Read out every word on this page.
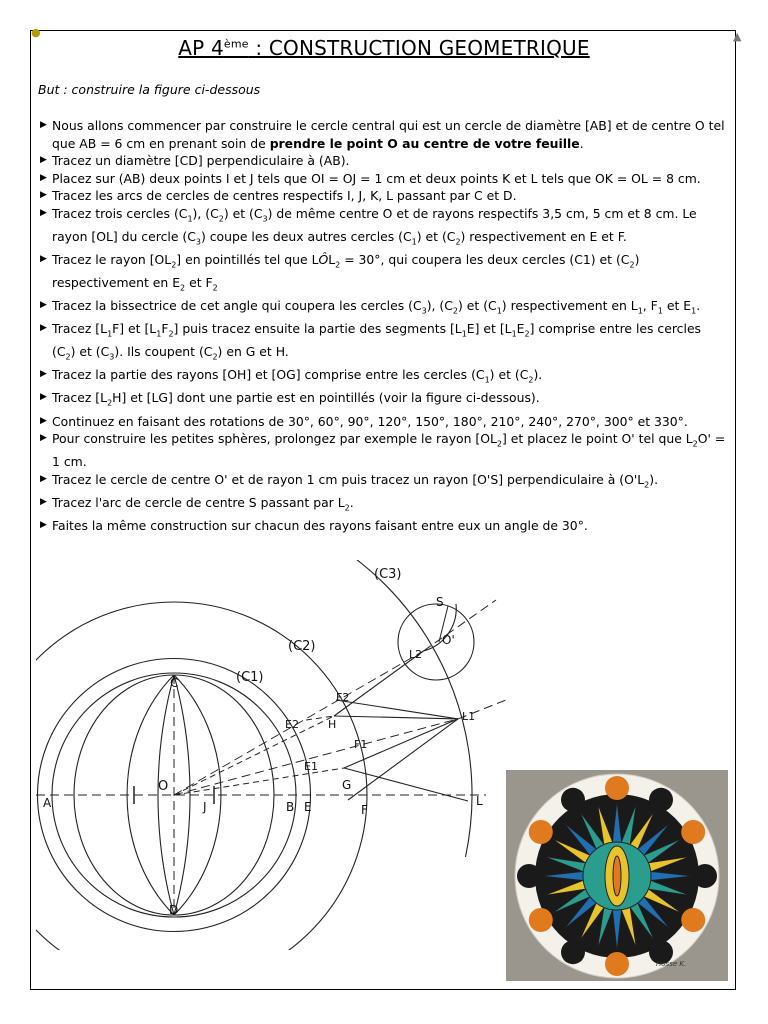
●	▲
AP 4ème : CONSTRUCTION GEOMETRIQUE
But : construire la figure ci-dessous
▶ Nous allons commencer par construire le cercle central qui est un cercle de diamètre [AB] et de centre O tel que AB = 6 cm en prenant soin de prendre le point O au centre de votre feuille.
▶ Tracez un diamètre [CD] perpendiculaire à (AB).
▶ Placez sur (AB) deux points I et J tels que OI = OJ = 1 cm et deux points K et L tels que OK = OL = 8 cm.
▶ Tracez les arcs de cercles de centres respectifs I, J, K, L passant par C et D.
▶ Tracez trois cercles $(C_1)$, $(C_2)$ et $(C_3)$ de même centre O et de rayons respectifs 3,5 cm, 5 cm et 8 cm. Le rayon [OL] du cercle $(C_3)$ coupe les deux autres cercles $(C_1)$ et $(C_2)$ respectivement en E et F.
▶ Tracez le rayon $[OL_2]$ en pointillés tel que $LÔL_2 = 30^\circ$, qui coupera les deux cercles (C1) et $(C_2)$ respectivement en $E_2$ et $F_2$
▶ Tracez la bissectrice de cet angle qui coupera les cercles $(C_3)$, $(C_2)$ et $(C_1)$ respectivement en $L_1$, $F_1$ et $E_1$.
▶ Tracez $[L_1F]$ et $[L_1F_2]$ puis tracez ensuite la partie des segments $[L_1E]$ et $[L_1E_2]$ comprise entre les cercles $(C_2)$ et $(C_3)$. Ils coupent $(C_2)$ en G et H.
▶ Tracez la partie des rayons [OH] et [OG] comprise entre les cercles $(C_1)$ et $(C_2)$.
▶ Tracez $[L_2H]$ et [LG] dont une partie est en pointillés (voir la figure ci-dessous).
▶ Continuez en faisant des rotations de 30°, 60°, 90°, 120°, 150°, 180°, 210°, 240°, 270°, 300° et 330°.
▶ Pour construire les petites sphères, prolongez par exemple le rayon $[OL_2]$ et placez le point O' tel que $L_2O' = 1$ cm.
▶ Tracez le cercle de centre O' et de rayon 1 cm puis tracez un rayon [O'S] perpendiculaire à $(O'L_2)$.
▶ Tracez l'arc de cercle de centre S passant par $L_2$.
▶ Faites la même construction sur chacun des rayons faisant entre eux un angle de 30°.
(C3)
(C2)
(C1)
S
O'
L2
C
F2
E2	H
L1
F1
E1
O	G
A	J	B E	F
L
D
Hosse K.
